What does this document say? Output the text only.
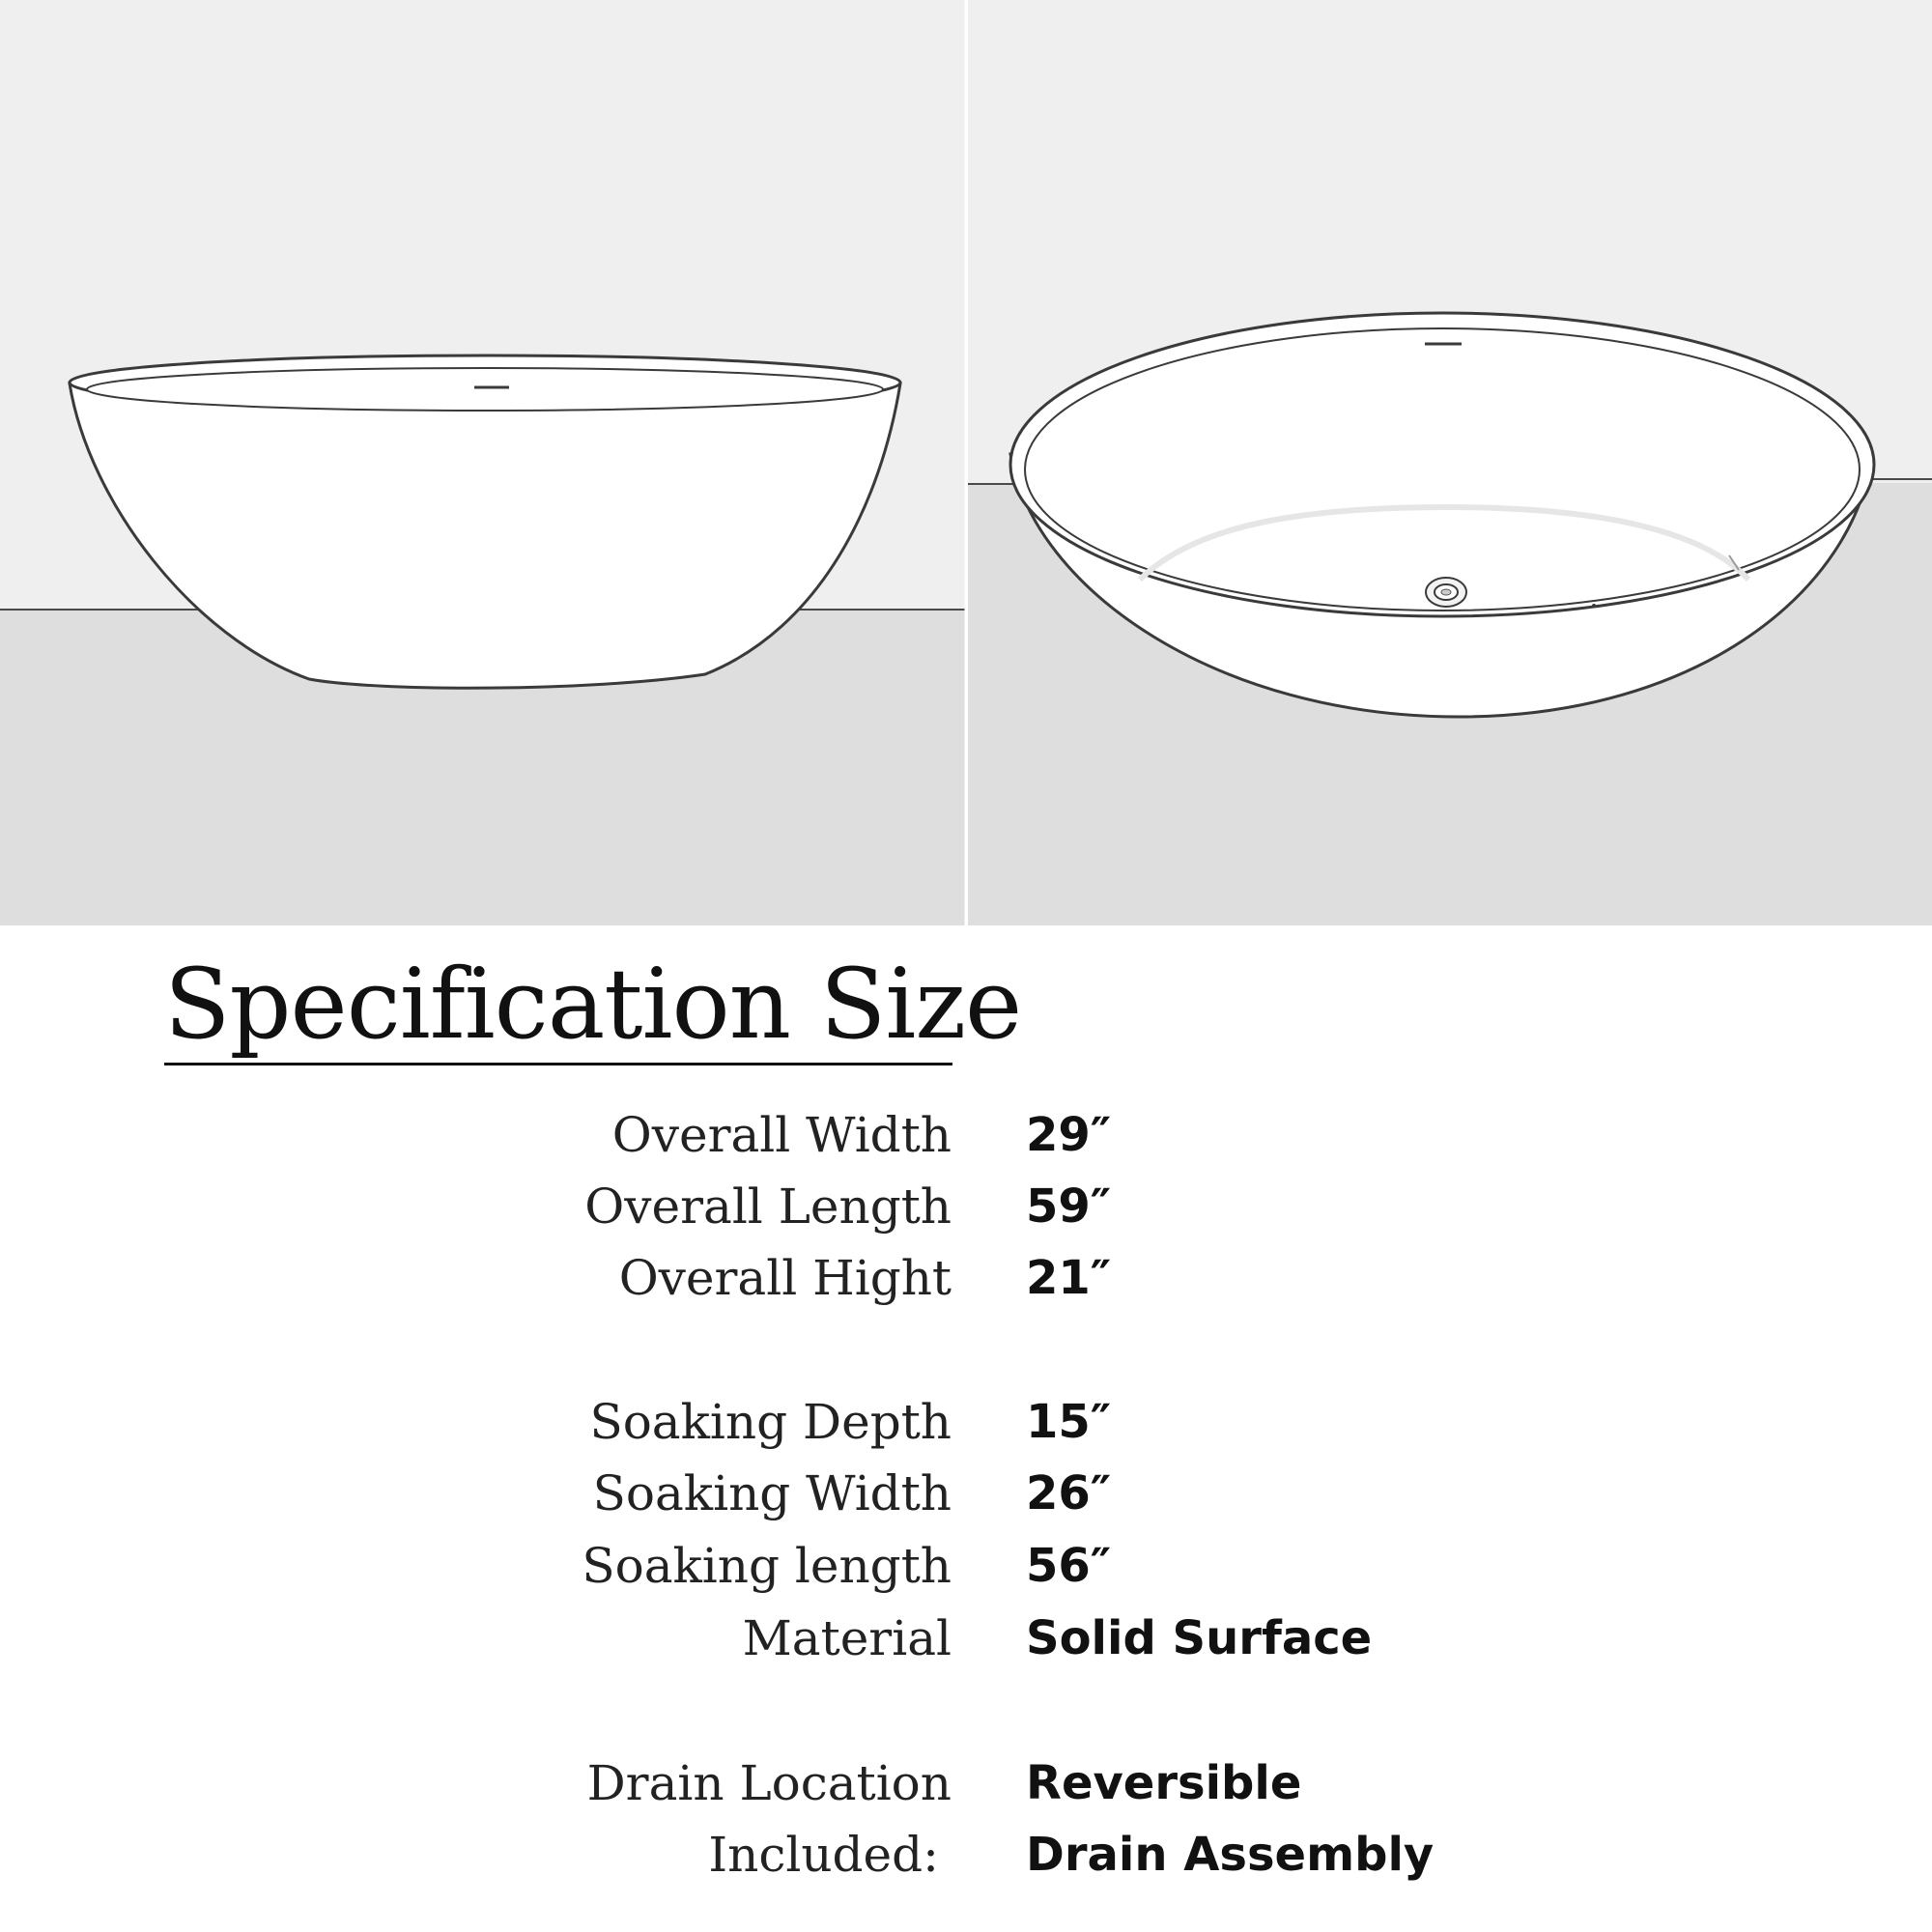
Specification Size
Overall Width 29″
Overall Length 59″
Overall Hight 21″
Soaking Depth 15″
Soaking Width 26″
Soaking length 56″
Material Solid Surface
Drain Location Reversible
Included: Drain Assembly
